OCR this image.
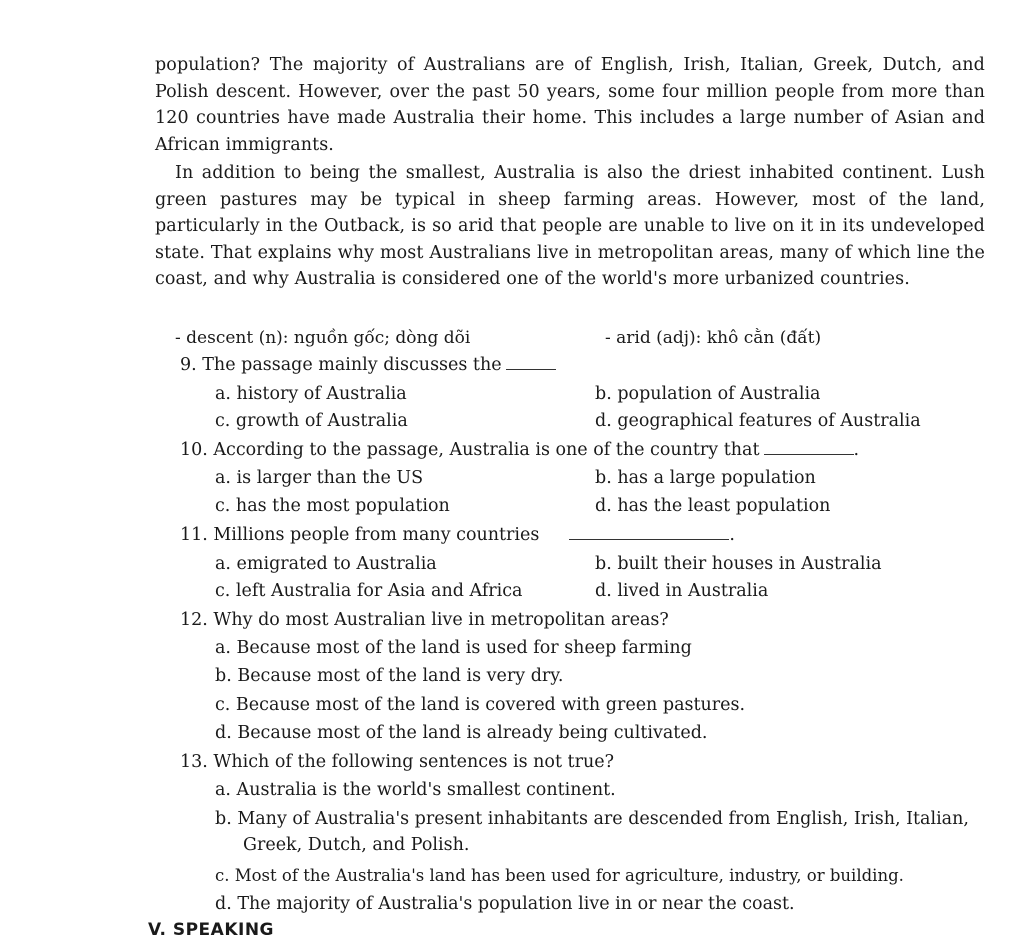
population? The majority of Australians are of English, Irish, Italian, Greek, Dutch, and Polish descent. However, over the past 50 years, some four million people from more than 120 countries have made Australia their home. This includes a large number of Asian and African immigrants.
In addition to being the smallest, Australia is also the driest inhabited continent. Lush green pastures may be typical in sheep farming areas. However, most of the land, particularly in the Outback, is so arid that people are unable to live on it in its undeveloped state. That explains why most Australians live in metropolitan areas, many of which line the coast, and why Australia is considered one of the world's more urbanized countries.
- descent (n): nguồn gốc; dòng dõi	- arid (adj): khô cằn (đất)
9. The passage mainly discusses the
a. history of Australia	b. population of Australia
c. growth of Australia	d. geographical features of Australia
10. According to the passage, Australia is one of the country that	.
a. is larger than the US	b. has a large population
c. has the most population	d. has the least population
11. Millions people from many countries	.
a. emigrated to Australia	b. built their houses in Australia
c. left Australia for Asia and Africa	d. lived in Australia
12. Why do most Australian live in metropolitan areas?
a. Because most of the land is used for sheep farming
b. Because most of the land is very dry.
c. Because most of the land is covered with green pastures.
d. Because most of the land is already being cultivated.
13. Which of the following sentences is not true?
a. Australia is the world's smallest continent.
b. Many of Australia's present inhabitants are descended from English, Irish, Italian, Greek, Dutch, and Polish.
c. Most of the Australia's land has been used for agriculture, industry, or building.
d. The majority of Australia's population live in or near the coast.
V. SPEAKING
